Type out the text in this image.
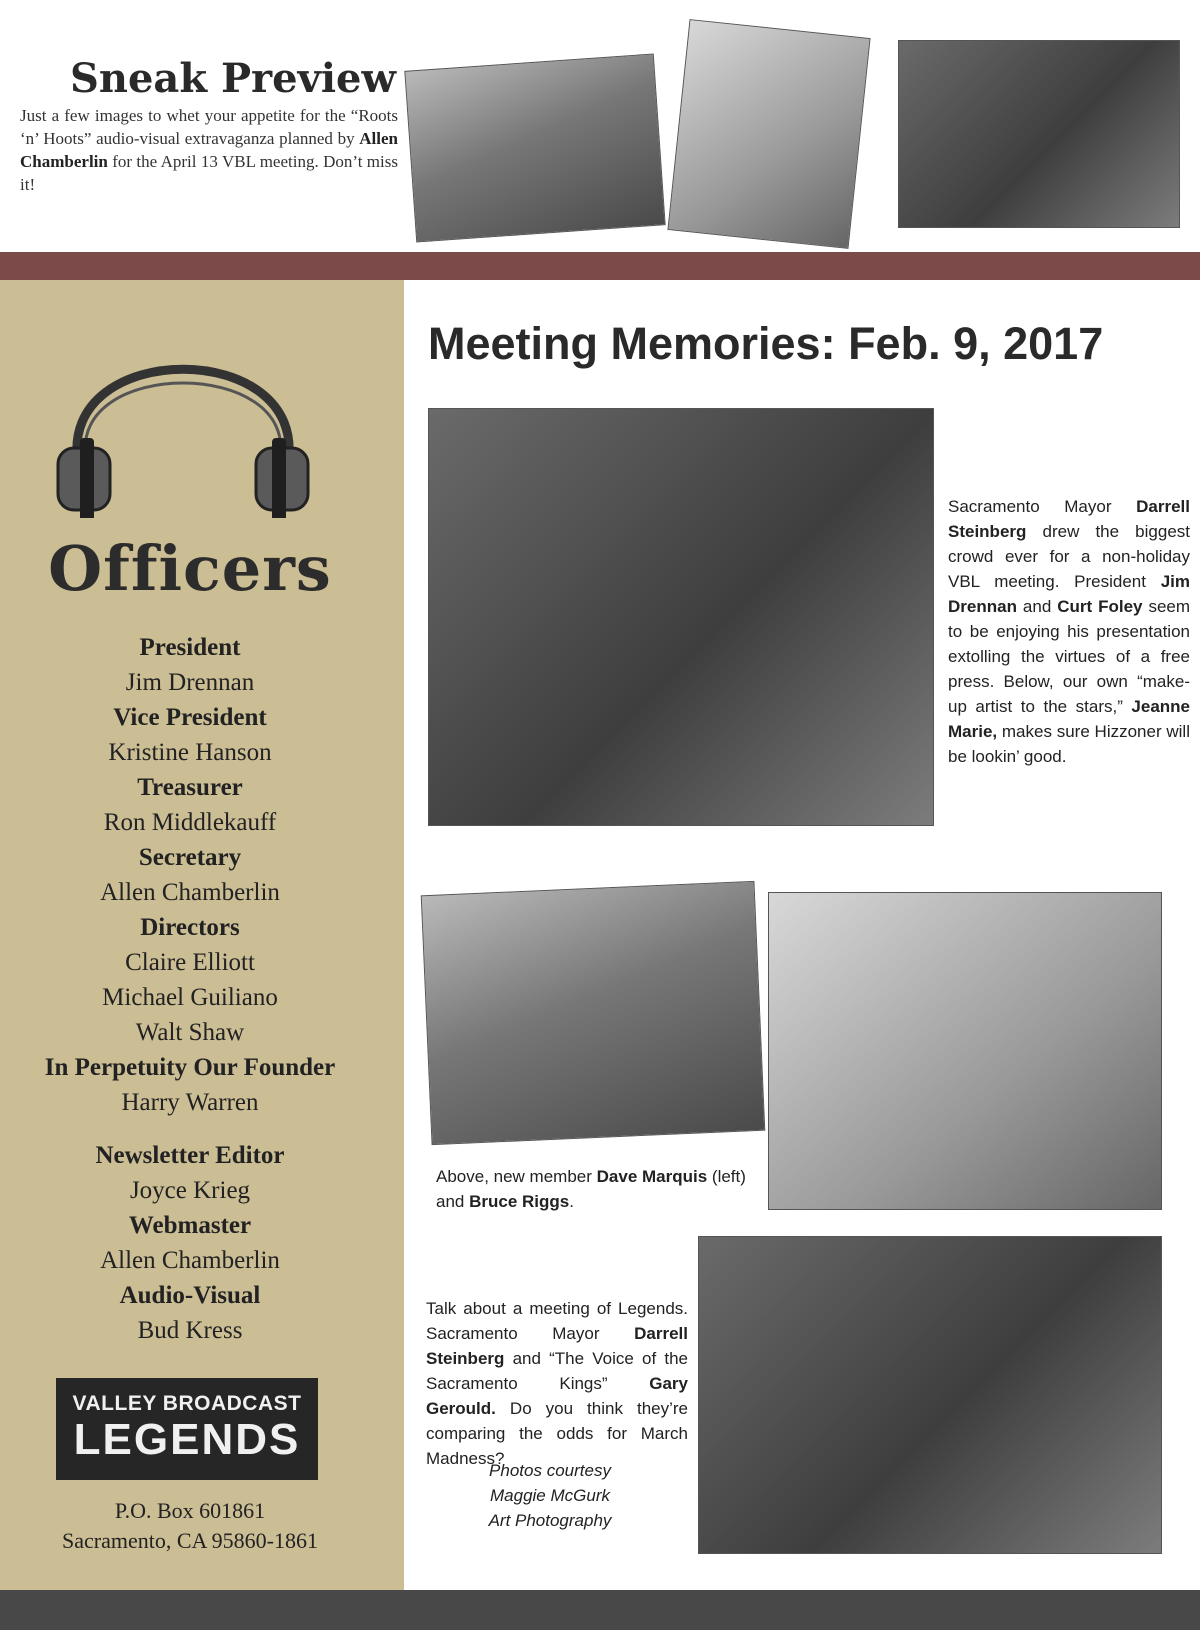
Sneak Preview

Just a few images to whet your appetite for the “Roots ‘n’ Hoots” audio-visual extravaganza planned by Allen Chamberlin for the April 13 VBL meeting. Don’t miss it!

Officers
President
Jim Drennan
Vice President
Kristine Hanson
Treasurer
Ron Middlekauff
Secretary
Allen Chamberlin
Directors
Claire Elliott
Michael Guiliano
Walt Shaw
In Perpetuity Our Founder
Harry Warren
Newsletter Editor
Joyce Krieg
Webmaster
Allen Chamberlin
Audio-Visual
Bud Kress
VALLEY BROADCAST
LEGENDS
P.O. Box 601861
Sacramento, CA 95860-1861
Meeting Memories: Feb. 9, 2017

Sacramento Mayor Darrell Steinberg drew the biggest crowd ever for a non-holiday VBL meeting. President Jim Drennan and Curt Foley seem to be enjoying his presentation extolling the virtues of a free press. Below, our own “make-up artist to the stars,” Jeanne Marie, makes sure Hizzoner will be lookin’ good.

Above, new member Dave Marquis (left) and Bruce Riggs.

Talk about a meeting of Legends. Sacramento Mayor Darrell Steinberg and “The Voice of the Sacramento Kings” Gary Gerould. Do you think they’re comparing the odds for March Madness?

Photos courtesy
Maggie McGurk
Art Photography
